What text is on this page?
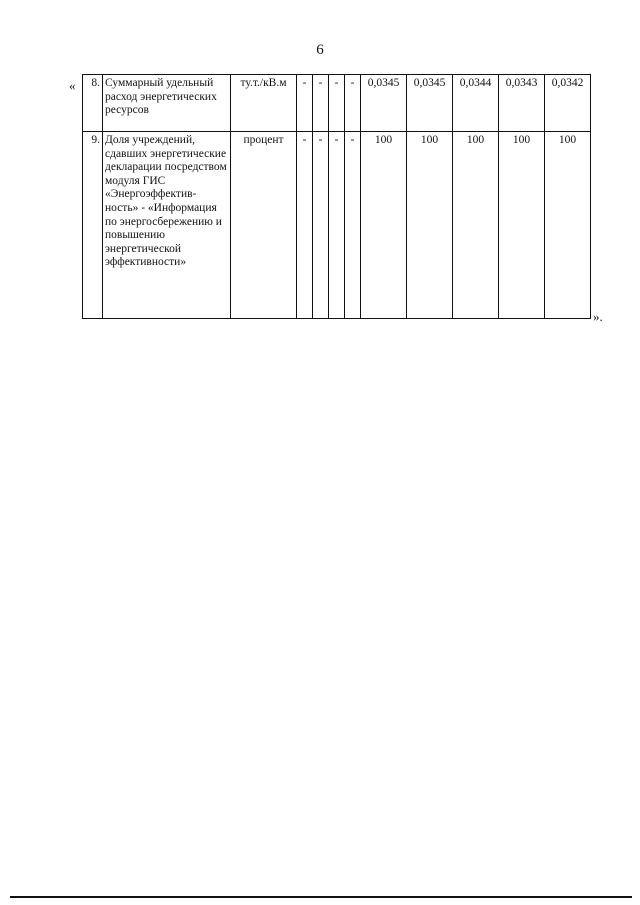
6
« 8.	Суммарный удельный расход энергетических ресурсов	ту.т./кВ.м	-	-	-	-	0,0345	0,0345	0,0344	0,0343	0,0342
9.	Доля учреждений, сдавших энергетические декларации посредством модуля ГИС «Энергоэффектив-ность» - «Информация по энергосбережению и повышению энергетической эффективности»	процент	-	-	-	-	100	100	100	100	100
».
